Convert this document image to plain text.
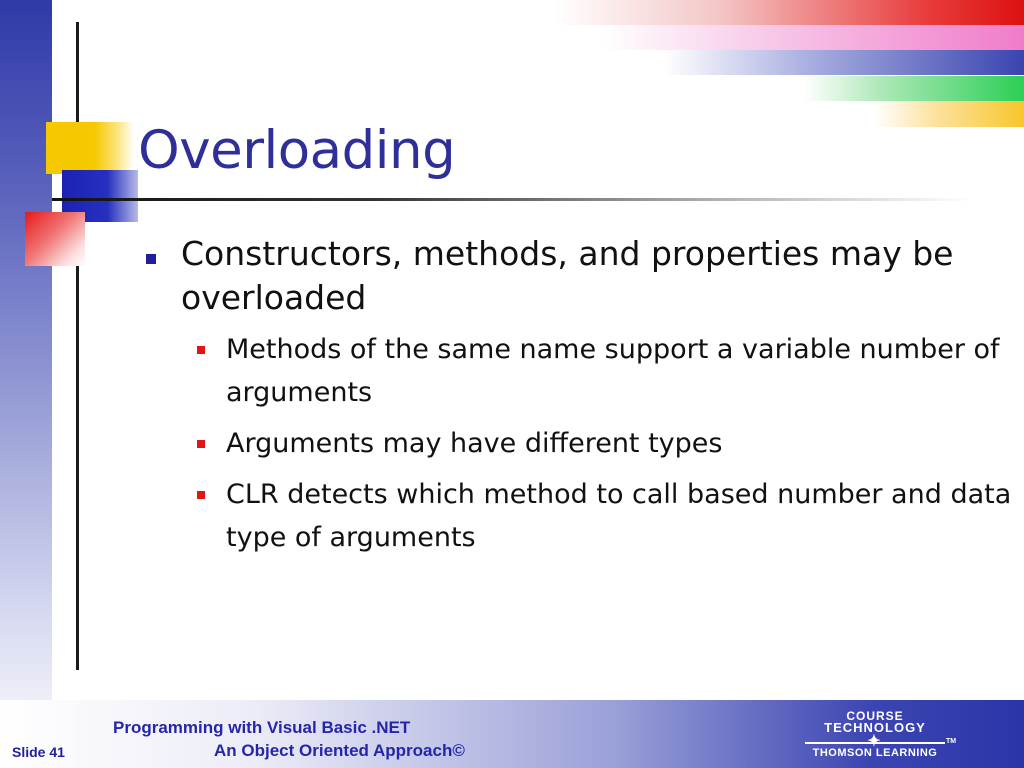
Overloading
Constructors, methods, and properties may be overloaded
Methods of the same name support a variable number of arguments
Arguments may have different types
CLR detects which method to call based number and data type of arguments
Slide 41
Programming with Visual Basic .NET
An Object Oriented Approach©
COURSE
TECHNOLOGY
✦
THOMSON LEARNING
TM
